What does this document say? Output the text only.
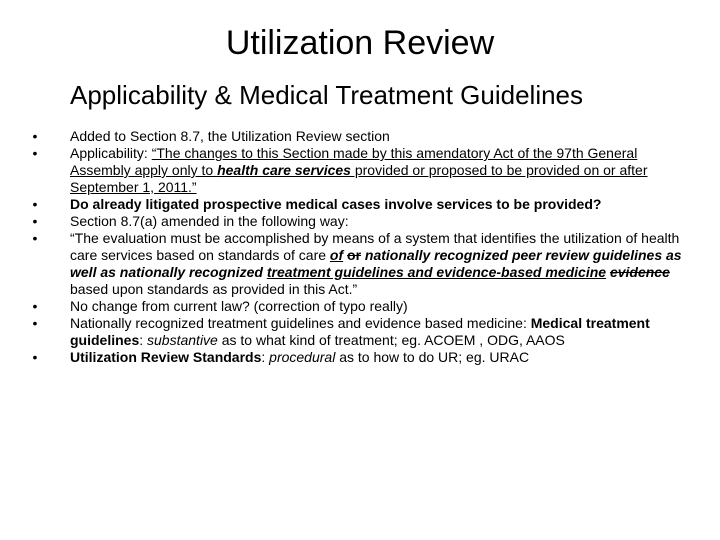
Utilization Review
Applicability & Medical Treatment Guidelines
• Added to Section 8.7, the Utilization Review section
• Applicability: “The changes to this Section made by this amendatory Act of the 97th General Assembly apply only to health care services provided or proposed to be provided on or after September 1, 2011.”
• Do already litigated prospective medical cases involve services to be provided?
• Section 8.7(a) amended in the following way:
• “The evaluation must be accomplished by means of a system that identifies the utilization of health care services based on standards of care of or nationally recognized peer review guidelines as well as nationally recognized treatment guidelines and evidence-based medicine evidence based upon standards as provided in this Act.”
• No change from current law? (correction of typo really)
• Nationally recognized treatment guidelines and evidence based medicine: Medical treatment guidelines: substantive as to what kind of treatment; eg. ACOEM , ODG, AAOS
• Utilization Review Standards: procedural as to how to do UR; eg. URAC
